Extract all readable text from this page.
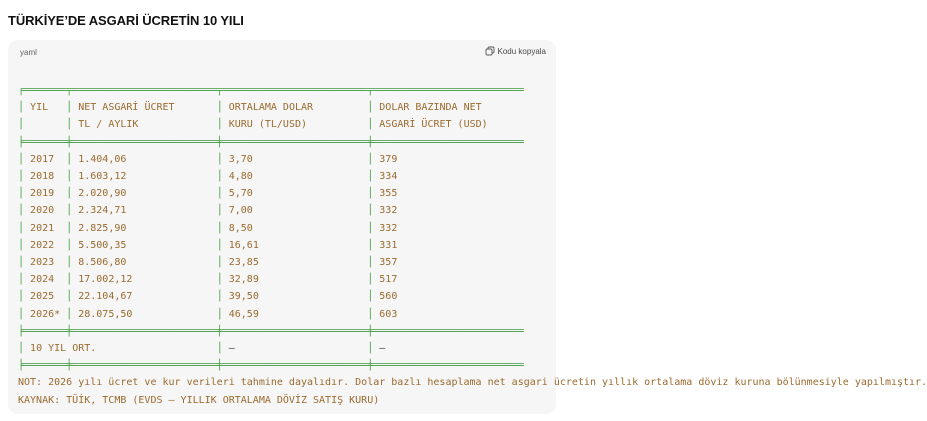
TÜRKİYE’DE ASGARİ ÜCRETİN 10 YILI
yaml	Kodu kopyala
╒═══════╤════════════════════════╤════════════════════════╤═════════════════════════
│ YIL   │ NET ASGARİ ÜCRET       │ ORTALAMA DOLAR         │ DOLAR BAZINDA NET
│	│ TL / AYLIK             │ KURU (TL/USD)          │ ASGARİ ÜCRET (USD)
╞═══════╪════════════════════════╪════════════════════════╪═════════════════════════
│ 2017  │ 1.404,06               │ 3,70                   │ 379
│ 2018  │ 1.603,12               │ 4,80                   │ 334
│ 2019  │ 2.020,90               │ 5,70                   │ 355
│ 2020  │ 2.324,71               │ 7,00                   │ 332
│ 2021  │ 2.825,90               │ 8,50                   │ 332
│ 2022  │ 5.500,35               │ 16,61                  │ 331
│ 2023  │ 8.506,80               │ 23,85                  │ 357
│ 2024  │ 17.002,12              │ 32,89                  │ 517
│ 2025  │ 22.104,67              │ 39,50                  │ 560
│ 2026* │ 28.075,50              │ 46,59                  │ 603
╞═══════╪════════════════════════╪════════════════════════╪═════════════════════════
│ 10 YIL ORT.                    │ –                      │ –
╞═══════╪════════════════════════╪════════════════════════╪═════════════════════════
NOT: 2026 yılı ücret ve kur verileri tahmine dayalıdır. Dolar bazlı hesaplama net asgari ücretin yıllık ortalama döviz kuruna bölünmesiyle yapılmıştır.
KAYNAK: TÜİK, TCMB (EVDS – YILLIK ORTALAMA DÖVİZ SATIŞ KURU)
